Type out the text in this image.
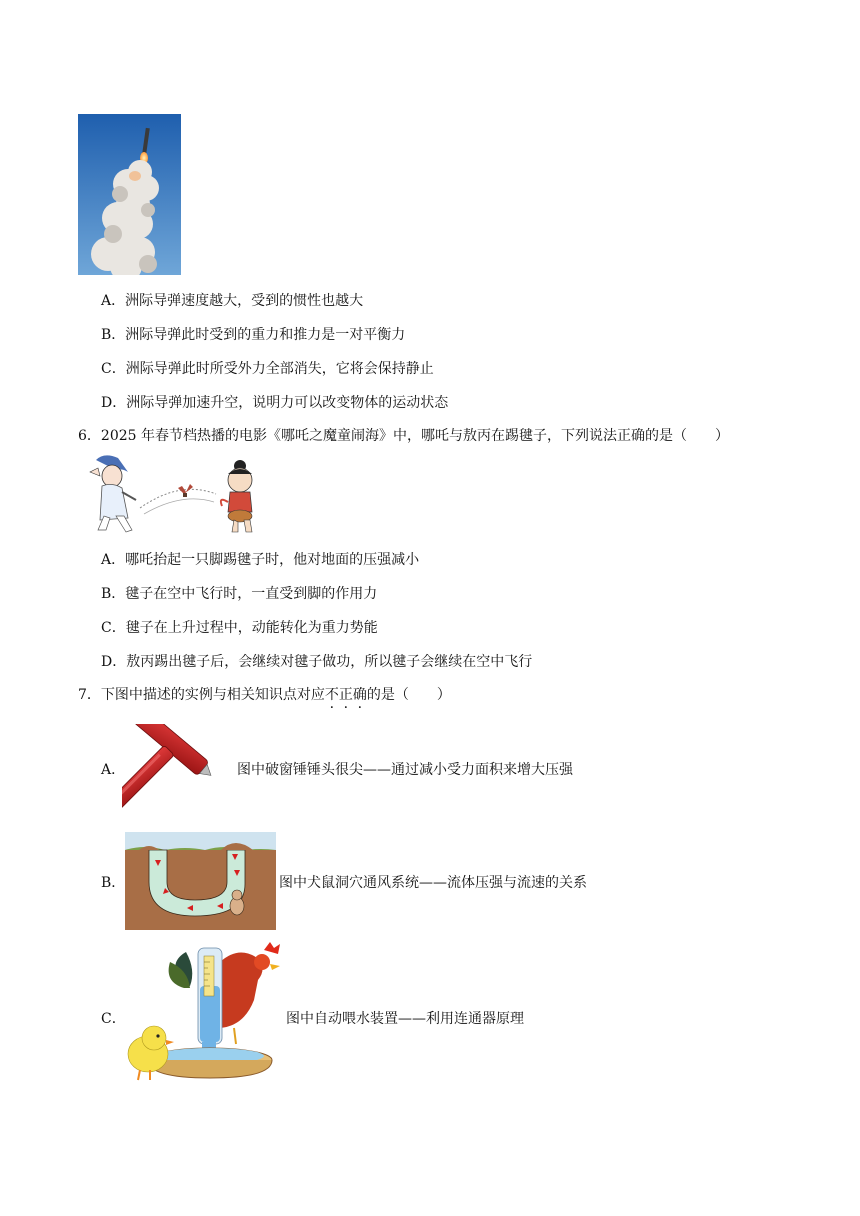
A．洲际导弹速度越大，受到的惯性也越大
B．洲际导弹此时受到的重力和推力是一对平衡力
C．洲际导弹此时所受外力全部消失，它将会保持静止
D．洲际导弹加速升空，说明力可以改变物体的运动状态
6．2025 年春节档热播的电影《哪吒之魔童闹海》中，哪吒与敖丙在踢毽子，下列说法正确的是（　　）
A．哪吒抬起一只脚踢毽子时，他对地面的压强减小
B．毽子在空中飞行时，一直受到脚的作用力
C．毽子在上升过程中，动能转化为重力势能
D．敖丙踢出毽子后，会继续对毽子做功，所以毽子会继续在空中飞行
7．下图中描述的实例与相关知识点对应不正确的是（　　）
A．	图中破窗锤锤头很尖——通过减小受力面积来增大压强
B．	图中犬鼠洞穴通风系统——流体压强与流速的关系
C．	图中自动喂水装置——利用连通器原理
